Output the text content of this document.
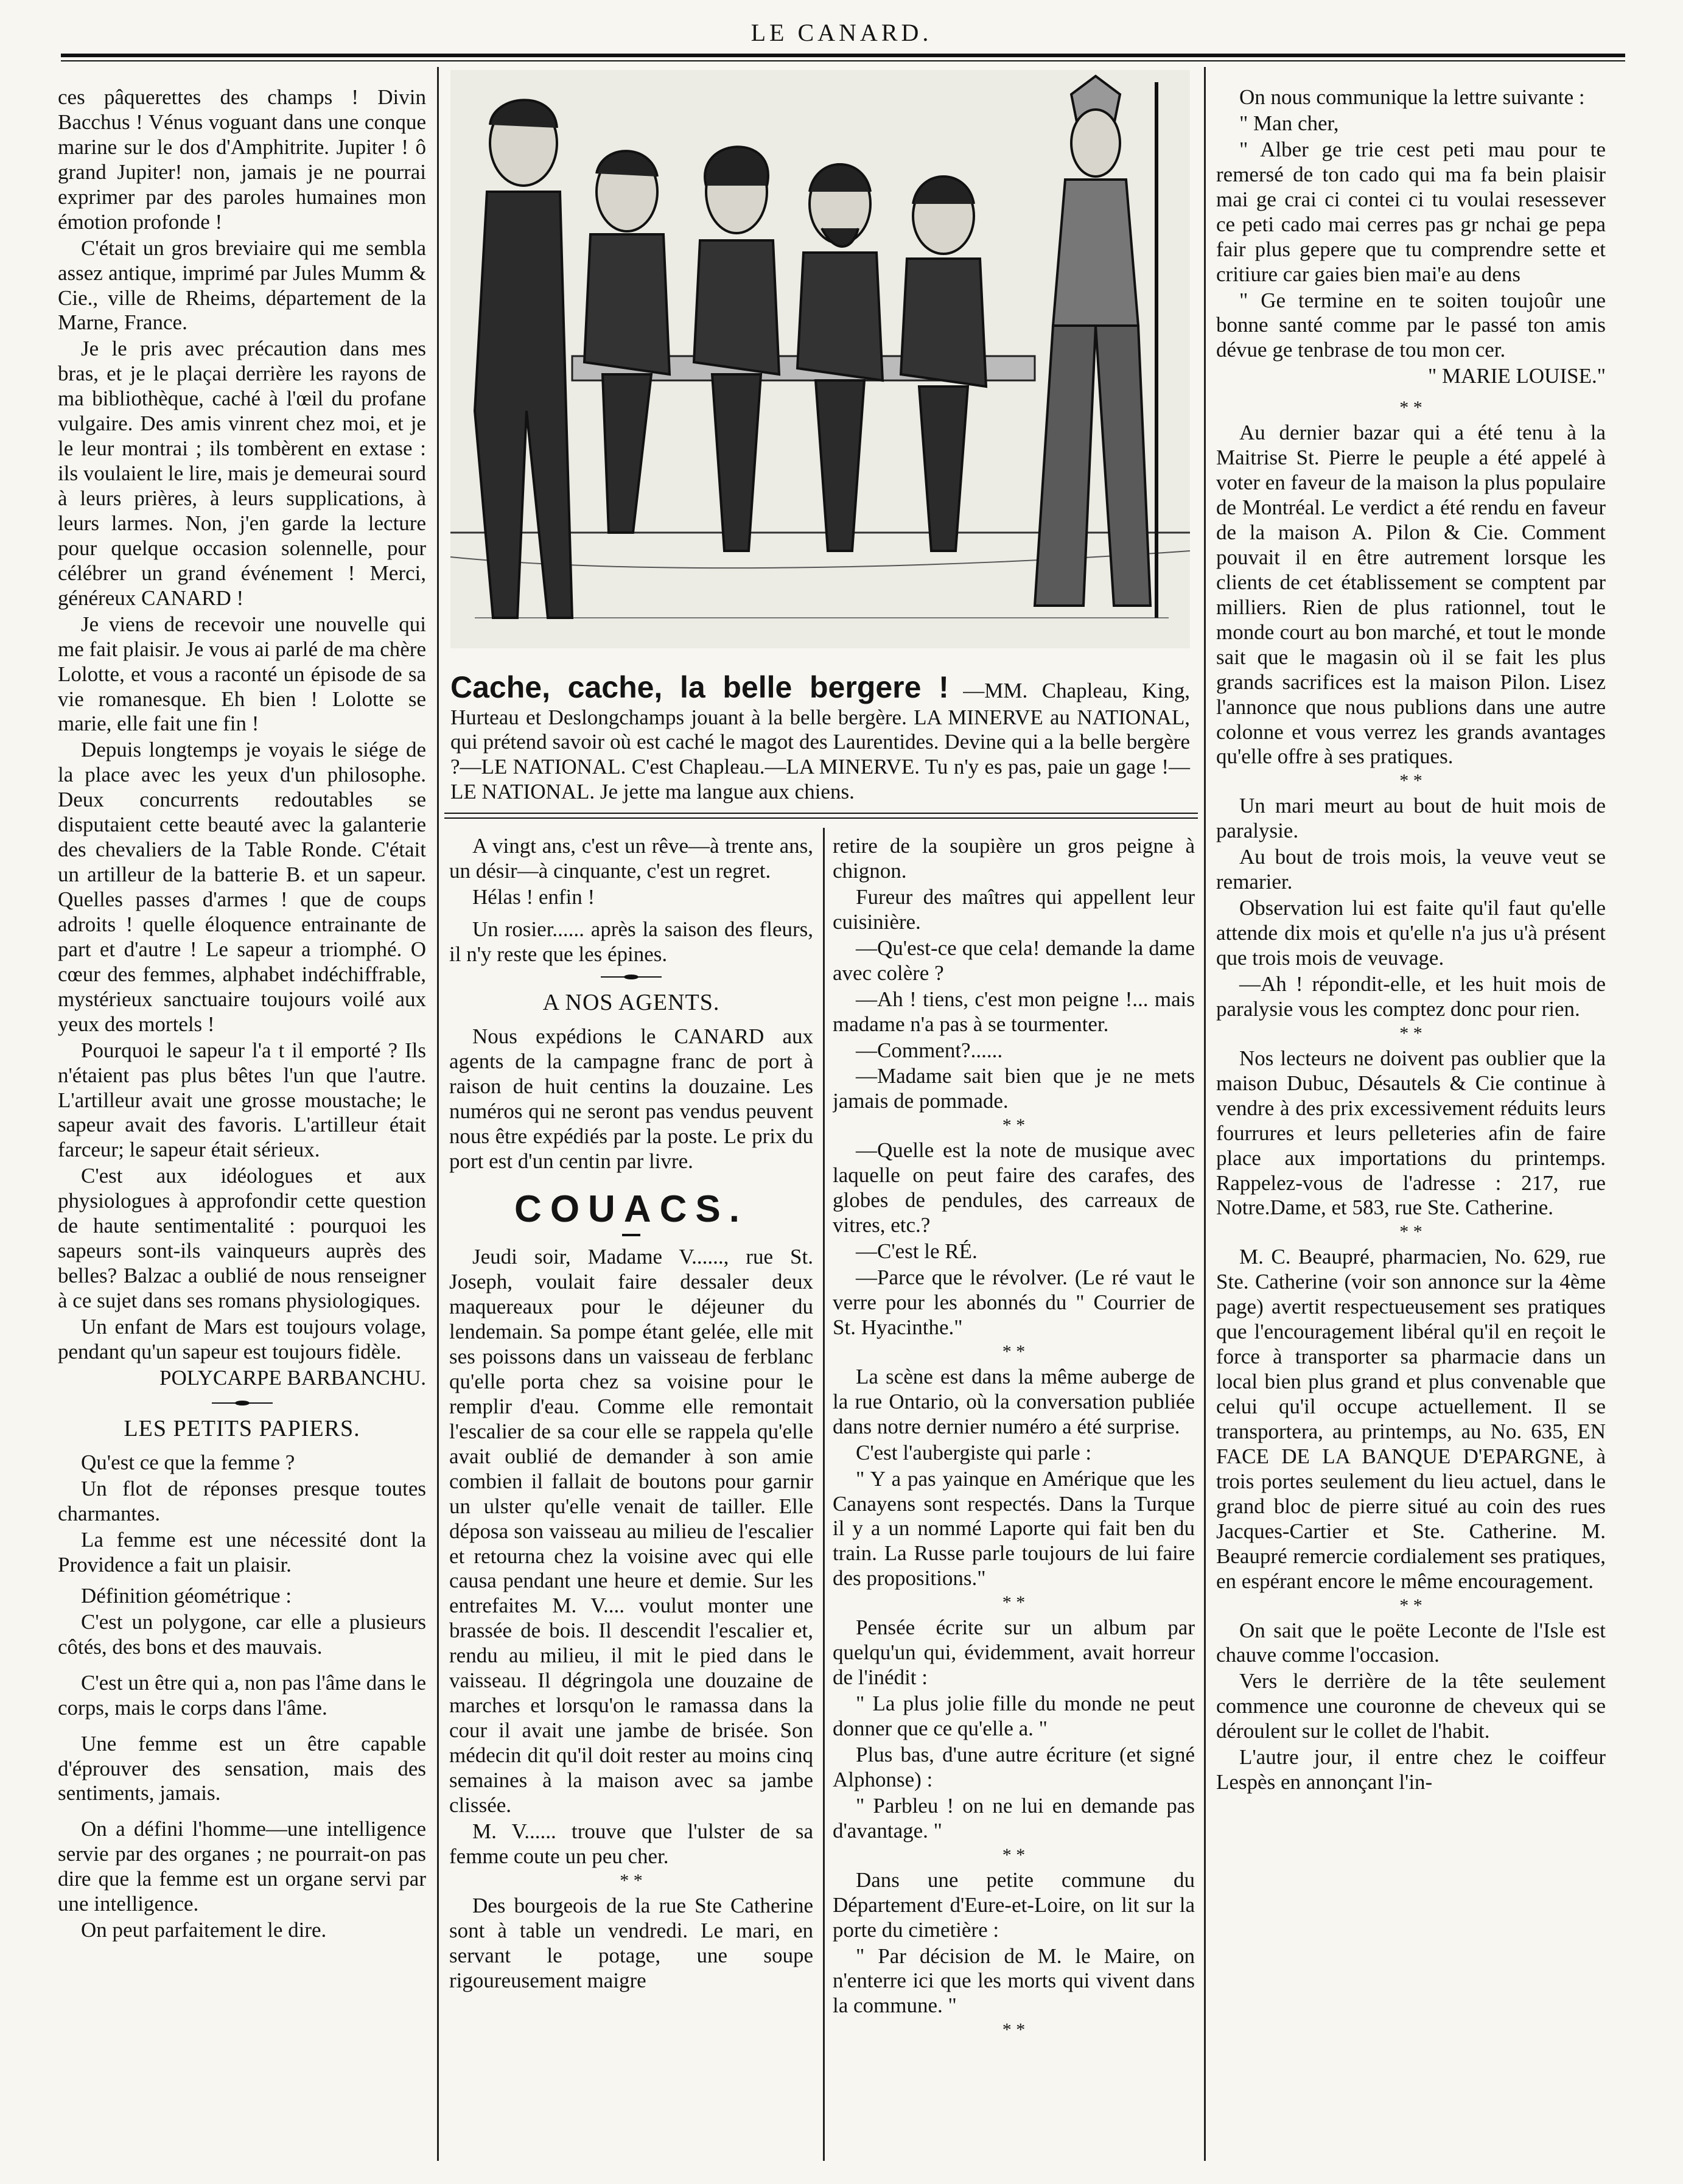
LE CANARD.

ces pâquerettes des champs ! Divin Bacchus ! Vénus voguant dans une conque marine sur le dos d'Amphitrite. Jupiter ! ô grand Jupiter! non, jamais je ne pourrai exprimer par des paroles humaines mon émotion profonde !

C'était un gros breviaire qui me sembla assez antique, imprimé par Jules Mumm & Cie., ville de Rheims, département de la Marne, France.

Je le pris avec précaution dans mes bras, et je le plaçai derrière les rayons de ma bibliothèque, caché à l'œil du profane vulgaire. Des amis vinrent chez moi, et je le leur montrai ; ils tombèrent en extase : ils voulaient le lire, mais je demeurai sourd à leurs prières, à leurs supplications, à leurs larmes. Non, j'en garde la lecture pour quelque occasion solennelle, pour célébrer un grand événement ! Merci, généreux CANARD !

Je viens de recevoir une nouvelle qui me fait plaisir. Je vous ai parlé de ma chère Lolotte, et vous a raconté un épisode de sa vie romanesque. Eh bien ! Lolotte se marie, elle fait une fin !

Depuis longtemps je voyais le siége de la place avec les yeux d'un philosophe. Deux concurrents redoutables se disputaient cette beauté avec la galanterie des chevaliers de la Table Ronde. C'était un artilleur de la batterie B. et un sapeur. Quelles passes d'armes ! que de coups adroits ! quelle éloquence entrainante de part et d'autre ! Le sapeur a triomphé. O cœur des femmes, alphabet indéchiffrable, mystérieux sanctuaire toujours voilé aux yeux des mortels !

Pourquoi le sapeur l'a t il emporté ? Ils n'étaient pas plus bêtes l'un que l'autre. L'artilleur avait une grosse moustache; le sapeur avait des favoris. L'artilleur était farceur; le sapeur était sérieux.

C'est aux idéologues et aux physiologues à approfondir cette question de haute sentimentalité : pourquoi les sapeurs sont-ils vainqueurs auprès des belles? Balzac a oublié de nous renseigner à ce sujet dans ses romans physiologiques.

Un enfant de Mars est toujours volage, pendant qu'un sapeur est toujours fidèle.

POLYCARPE BARBANCHU.

LES PETITS PAPIERS.

Qu'est ce que la femme ?

Un flot de réponses presque toutes charmantes.

La femme est une nécessité dont la Providence a fait un plaisir.

Définition géométrique :

C'est un polygone, car elle a plusieurs côtés, des bons et des mauvais.

C'est un être qui a, non pas l'âme dans le corps, mais le corps dans l'âme.

Une femme est un être capable d'éprouver des sensation, mais des sentiments, jamais.

On a défini l'homme—une intelligence servie par des organes ; ne pourrait-on pas dire que la femme est un organe servi par une intelligence.

On peut parfaitement le dire.

Cache, cache, la belle bergere ! —MM. Chapleau, King, Hurteau et Deslongchamps jouant à la belle bergère. LA MINERVE au NATIONAL, qui prétend savoir où est caché le magot des Laurentides. Devine qui a la belle bergère ?—LE NATIONAL. C'est Chapleau.—LA MINERVE. Tu n'y es pas, paie un gage !—LE NATIONAL. Je jette ma langue aux chiens.

A vingt ans, c'est un rêve—à trente ans, un désir—à cinquante, c'est un regret.

Hélas ! enfin !

Un rosier...... après la saison des fleurs, il n'y reste que les épines.

A NOS AGENTS.

Nous expédions le CANARD aux agents de la campagne franc de port à raison de huit centins la douzaine. Les numéros qui ne seront pas vendus peuvent nous être expédiés par la poste. Le prix du port est d'un centin par livre.

COUACS.

Jeudi soir, Madame V......, rue St. Joseph, voulait faire dessaler deux maquereaux pour le déjeuner du lendemain. Sa pompe étant gelée, elle mit ses poissons dans un vaisseau de ferblanc qu'elle porta chez sa voisine pour le remplir d'eau. Comme elle remontait l'escalier de sa cour elle se rappela qu'elle avait oublié de demander à son amie combien il fallait de boutons pour garnir un ulster qu'elle venait de tailler. Elle déposa son vaisseau au milieu de l'escalier et retourna chez la voisine avec qui elle causa pendant une heure et demie. Sur les entrefaites M. V.... voulut monter une brassée de bois. Il descendit l'escalier et, rendu au milieu, il mit le pied dans le vaisseau. Il dégringola une douzaine de marches et lorsqu'on le ramassa dans la cour il avait une jambe de brisée. Son médecin dit qu'il doit rester au moins cinq semaines à la maison avec sa jambe clissée.

M. V...... trouve que l'ulster de sa femme coute un peu cher.

* *

Des bourgeois de la rue Ste Catherine sont à table un vendredi. Le mari, en servant le potage, une soupe rigoureusement maigre

retire de la soupière un gros peigne à chignon.

Fureur des maîtres qui appellent leur cuisinière.

—Qu'est-ce que cela! demande la dame avec colère ?

—Ah ! tiens, c'est mon peigne !... mais madame n'a pas à se tourmenter.

—Comment?......

—Madame sait bien que je ne mets jamais de pommade.

* *

—Quelle est la note de musique avec laquelle on peut faire des carafes, des globes de pendules, des carreaux de vitres, etc.?

—C'est le RÉ.

—Parce que le révolver. (Le ré vaut le verre pour les abonnés du " Courrier de St. Hyacinthe."

* *

La scène est dans la même auberge de la rue Ontario, où la conversation publiée dans notre dernier numéro a été surprise.

C'est l'aubergiste qui parle :

" Y a pas yainque en Amérique que les Canayens sont respectés. Dans la Turque il y a un nommé Laporte qui fait ben du train. La Russe parle toujours de lui faire des propositions."

* *

Pensée écrite sur un album par quelqu'un qui, évidemment, avait horreur de l'inédit :

" La plus jolie fille du monde ne peut donner que ce qu'elle a. "

Plus bas, d'une autre écriture (et signé Alphonse) :

" Parbleu ! on ne lui en demande pas d'avantage. "

* *

Dans une petite commune du Département d'Eure-et-Loire, on lit sur la porte du cimetière :

" Par décision de M. le Maire, on n'enterre ici que les morts qui vivent dans la commune. "

* *

On nous communique la lettre suivante :

" Man cher,

" Alber ge trie cest peti mau pour te remersé de ton cado qui ma fa bein plaisir mai ge crai ci contei ci tu voulai resessever ce peti cado mai cerres pas gr nchai ge pepa fair plus gepere que tu comprendre sette et critiure car gaies bien mai'e au dens

" Ge termine en te soiten toujoûr une bonne santé comme par le passé ton amis dévue ge tenbrase de tou mon cer.

" MARIE LOUISE."

* *

Au dernier bazar qui a été tenu à la Maitrise St. Pierre le peuple a été appelé à voter en faveur de la maison la plus populaire de Montréal. Le verdict a été rendu en faveur de la maison A. Pilon & Cie. Comment pouvait il en être autrement lorsque les clients de cet établissement se comptent par milliers. Rien de plus rationnel, tout le monde court au bon marché, et tout le monde sait que le magasin où il se fait les plus grands sacrifices est la maison Pilon. Lisez l'annonce que nous publions dans une autre colonne et vous verrez les grands avantages qu'elle offre à ses pratiques.

* *

Un mari meurt au bout de huit mois de paralysie.

Au bout de trois mois, la veuve veut se remarier.

Observation lui est faite qu'il faut qu'elle attende dix mois et qu'elle n'a jus u'à présent que trois mois de veuvage.

—Ah ! répondit-elle, et les huit mois de paralysie vous les comptez donc pour rien.

* *

Nos lecteurs ne doivent pas oublier que la maison Dubuc, Désautels & Cie continue à vendre à des prix excessivement réduits leurs fourrures et leurs pelleteries afin de faire place aux importations du printemps. Rappelez-vous de l'adresse : 217, rue Notre.Dame, et 583, rue Ste. Catherine.

* *

M. C. Beaupré, pharmacien, No. 629, rue Ste. Catherine (voir son annonce sur la 4ème page) avertit respectueusement ses pratiques que l'encouragement libéral qu'il en reçoit le force à transporter sa pharmacie dans un local bien plus grand et plus convenable que celui qu'il occupe actuellement. Il se transportera, au printemps, au No. 635, EN FACE DE LA BANQUE D'EPARGNE, à trois portes seulement du lieu actuel, dans le grand bloc de pierre situé au coin des rues Jacques-Cartier et Ste. Catherine. M. Beaupré remercie cordialement ses pratiques, en espérant encore le même encouragement.

* *

On sait que le poëte Leconte de l'Isle est chauve comme l'occasion.

Vers le derrière de la tête seulement commence une couronne de cheveux qui se déroulent sur le collet de l'habit.

L'autre jour, il entre chez le coiffeur Lespès en annonçant l'in-
